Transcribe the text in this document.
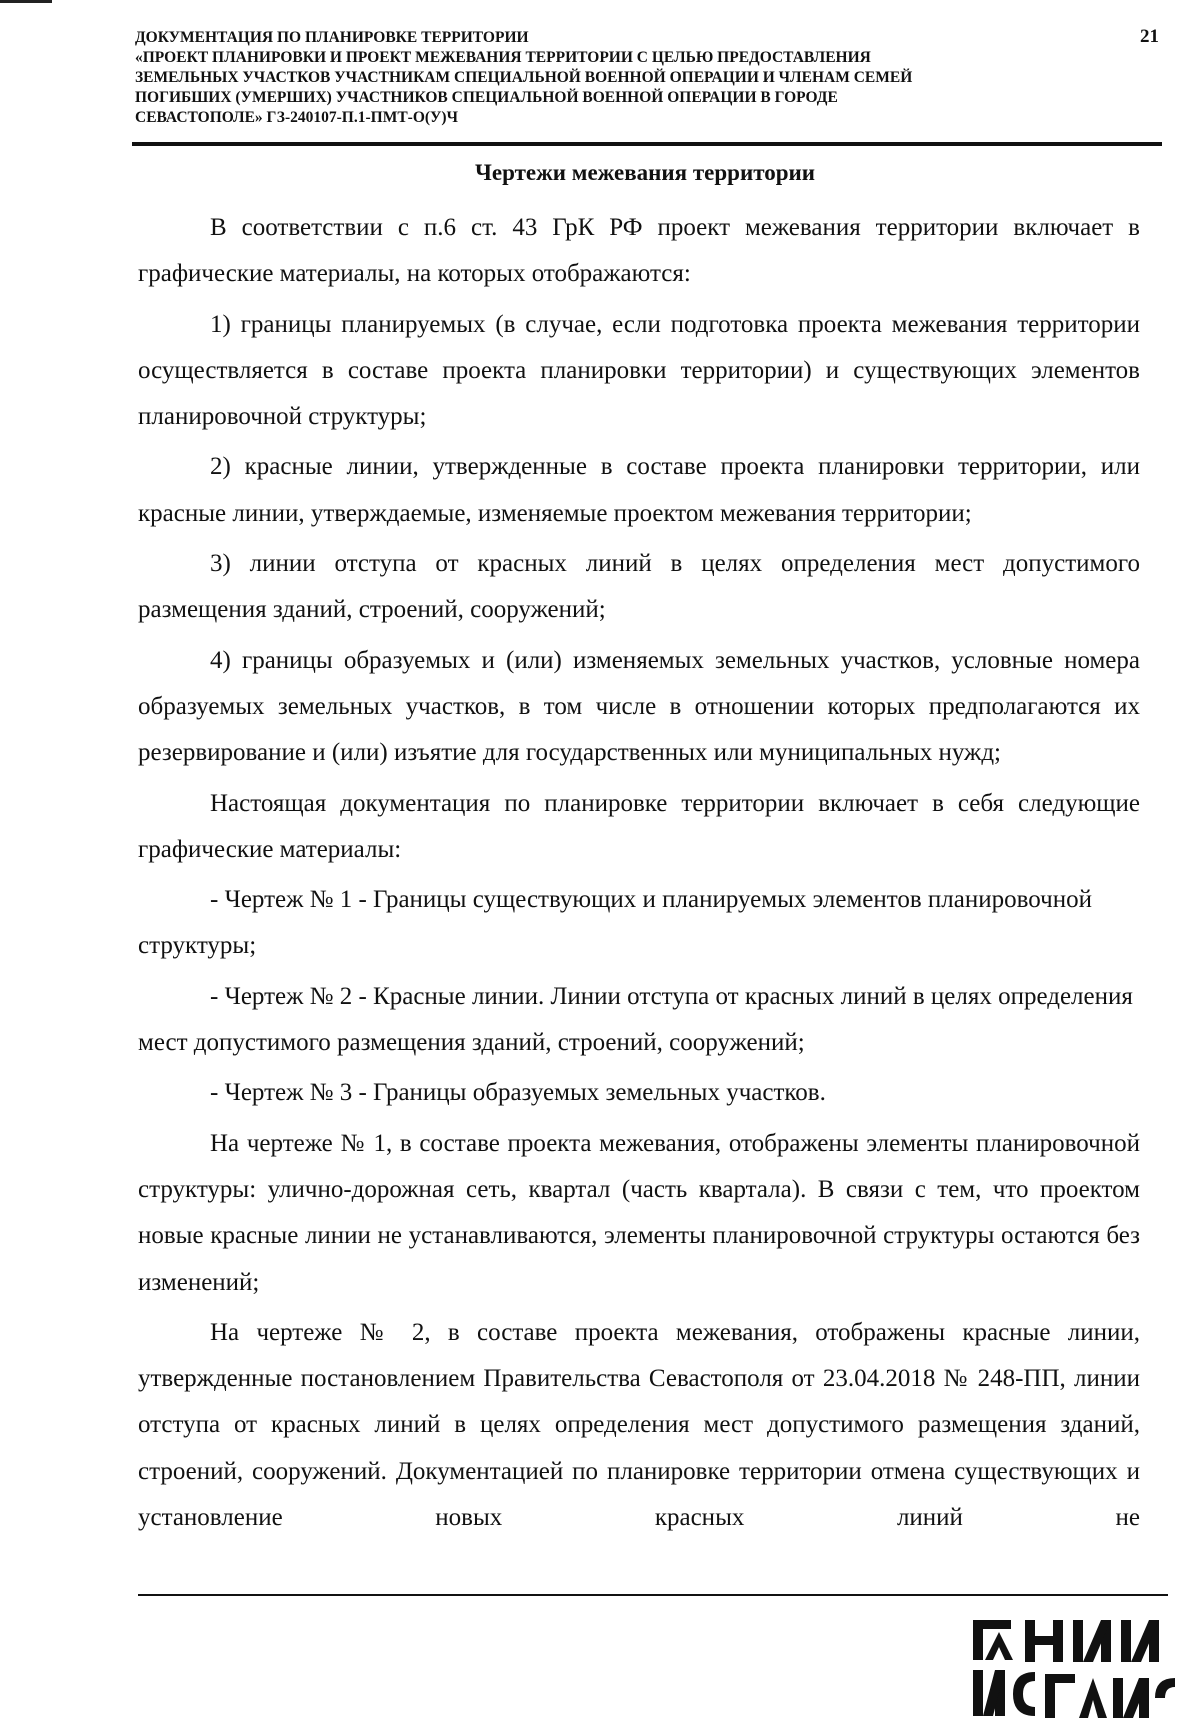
ДОКУМЕНТАЦИЯ ПО ПЛАНИРОВКЕ ТЕРРИТОРИИ
«ПРОЕКТ ПЛАНИРОВКИ И ПРОЕКТ МЕЖЕВАНИЯ ТЕРРИТОРИИ С ЦЕЛЬЮ ПРЕДОСТАВЛЕНИЯ
ЗЕМЕЛЬНЫХ УЧАСТКОВ УЧАСТНИКАМ СПЕЦИАЛЬНОЙ ВОЕННОЙ ОПЕРАЦИИ И ЧЛЕНАМ СЕМЕЙ
ПОГИБШИХ (УМЕРШИХ) УЧАСТНИКОВ СПЕЦИАЛЬНОЙ ВОЕННОЙ ОПЕРАЦИИ В ГОРОДЕ
СЕВАСТОПОЛЕ» ГЗ-240107-П.1-ПМТ-О(У)Ч
21
Чертежи межевания территории

В соответствии с п.6 ст. 43 ГрК РФ проект межевания территории включает в графические материалы, на которых отображаются:

1) границы планируемых (в случае, если подготовка проекта межевания территории осуществляется в составе проекта планировки территории) и существующих элементов планировочной структуры;

2) красные линии, утвержденные в составе проекта планировки территории, или красные линии, утверждаемые, изменяемые проектом межевания территории;

3) линии отступа от красных линий в целях определения мест допустимого размещения зданий, строений, сооружений;

4) границы образуемых и (или) изменяемых земельных участков, условные номера образуемых земельных участков, в том числе в отношении которых предполагаются их резервирование и (или) изъятие для государственных или муниципальных нужд;

Настоящая документация по планировке территории включает в себя следующие графические материалы:

- Чертеж № 1 - Границы существующих и планируемых элементов планировочной структуры;

- Чертеж № 2 - Красные линии. Линии отступа от красных линий в целях определения мест допустимого размещения зданий, строений, сооружений;

- Чертеж № 3 - Границы образуемых земельных участков.

На чертеже № 1, в составе проекта межевания, отображены элементы планировочной структуры: улично-дорожная сеть, квартал (часть квартала). В связи с тем, что проектом новые красные линии не устанавливаются, элементы планировочной структуры остаются без изменений;

На чертеже № 2, в составе проекта межевания, отображены красные линии, утвержденные постановлением Правительства Севастополя от 23.04.2018 № 248-ПП, линии отступа от красных линий в целях определения мест допустимого размещения зданий, строений, сооружений. Документацией по планировке территории отмена существующих и установление новых красных линий не
